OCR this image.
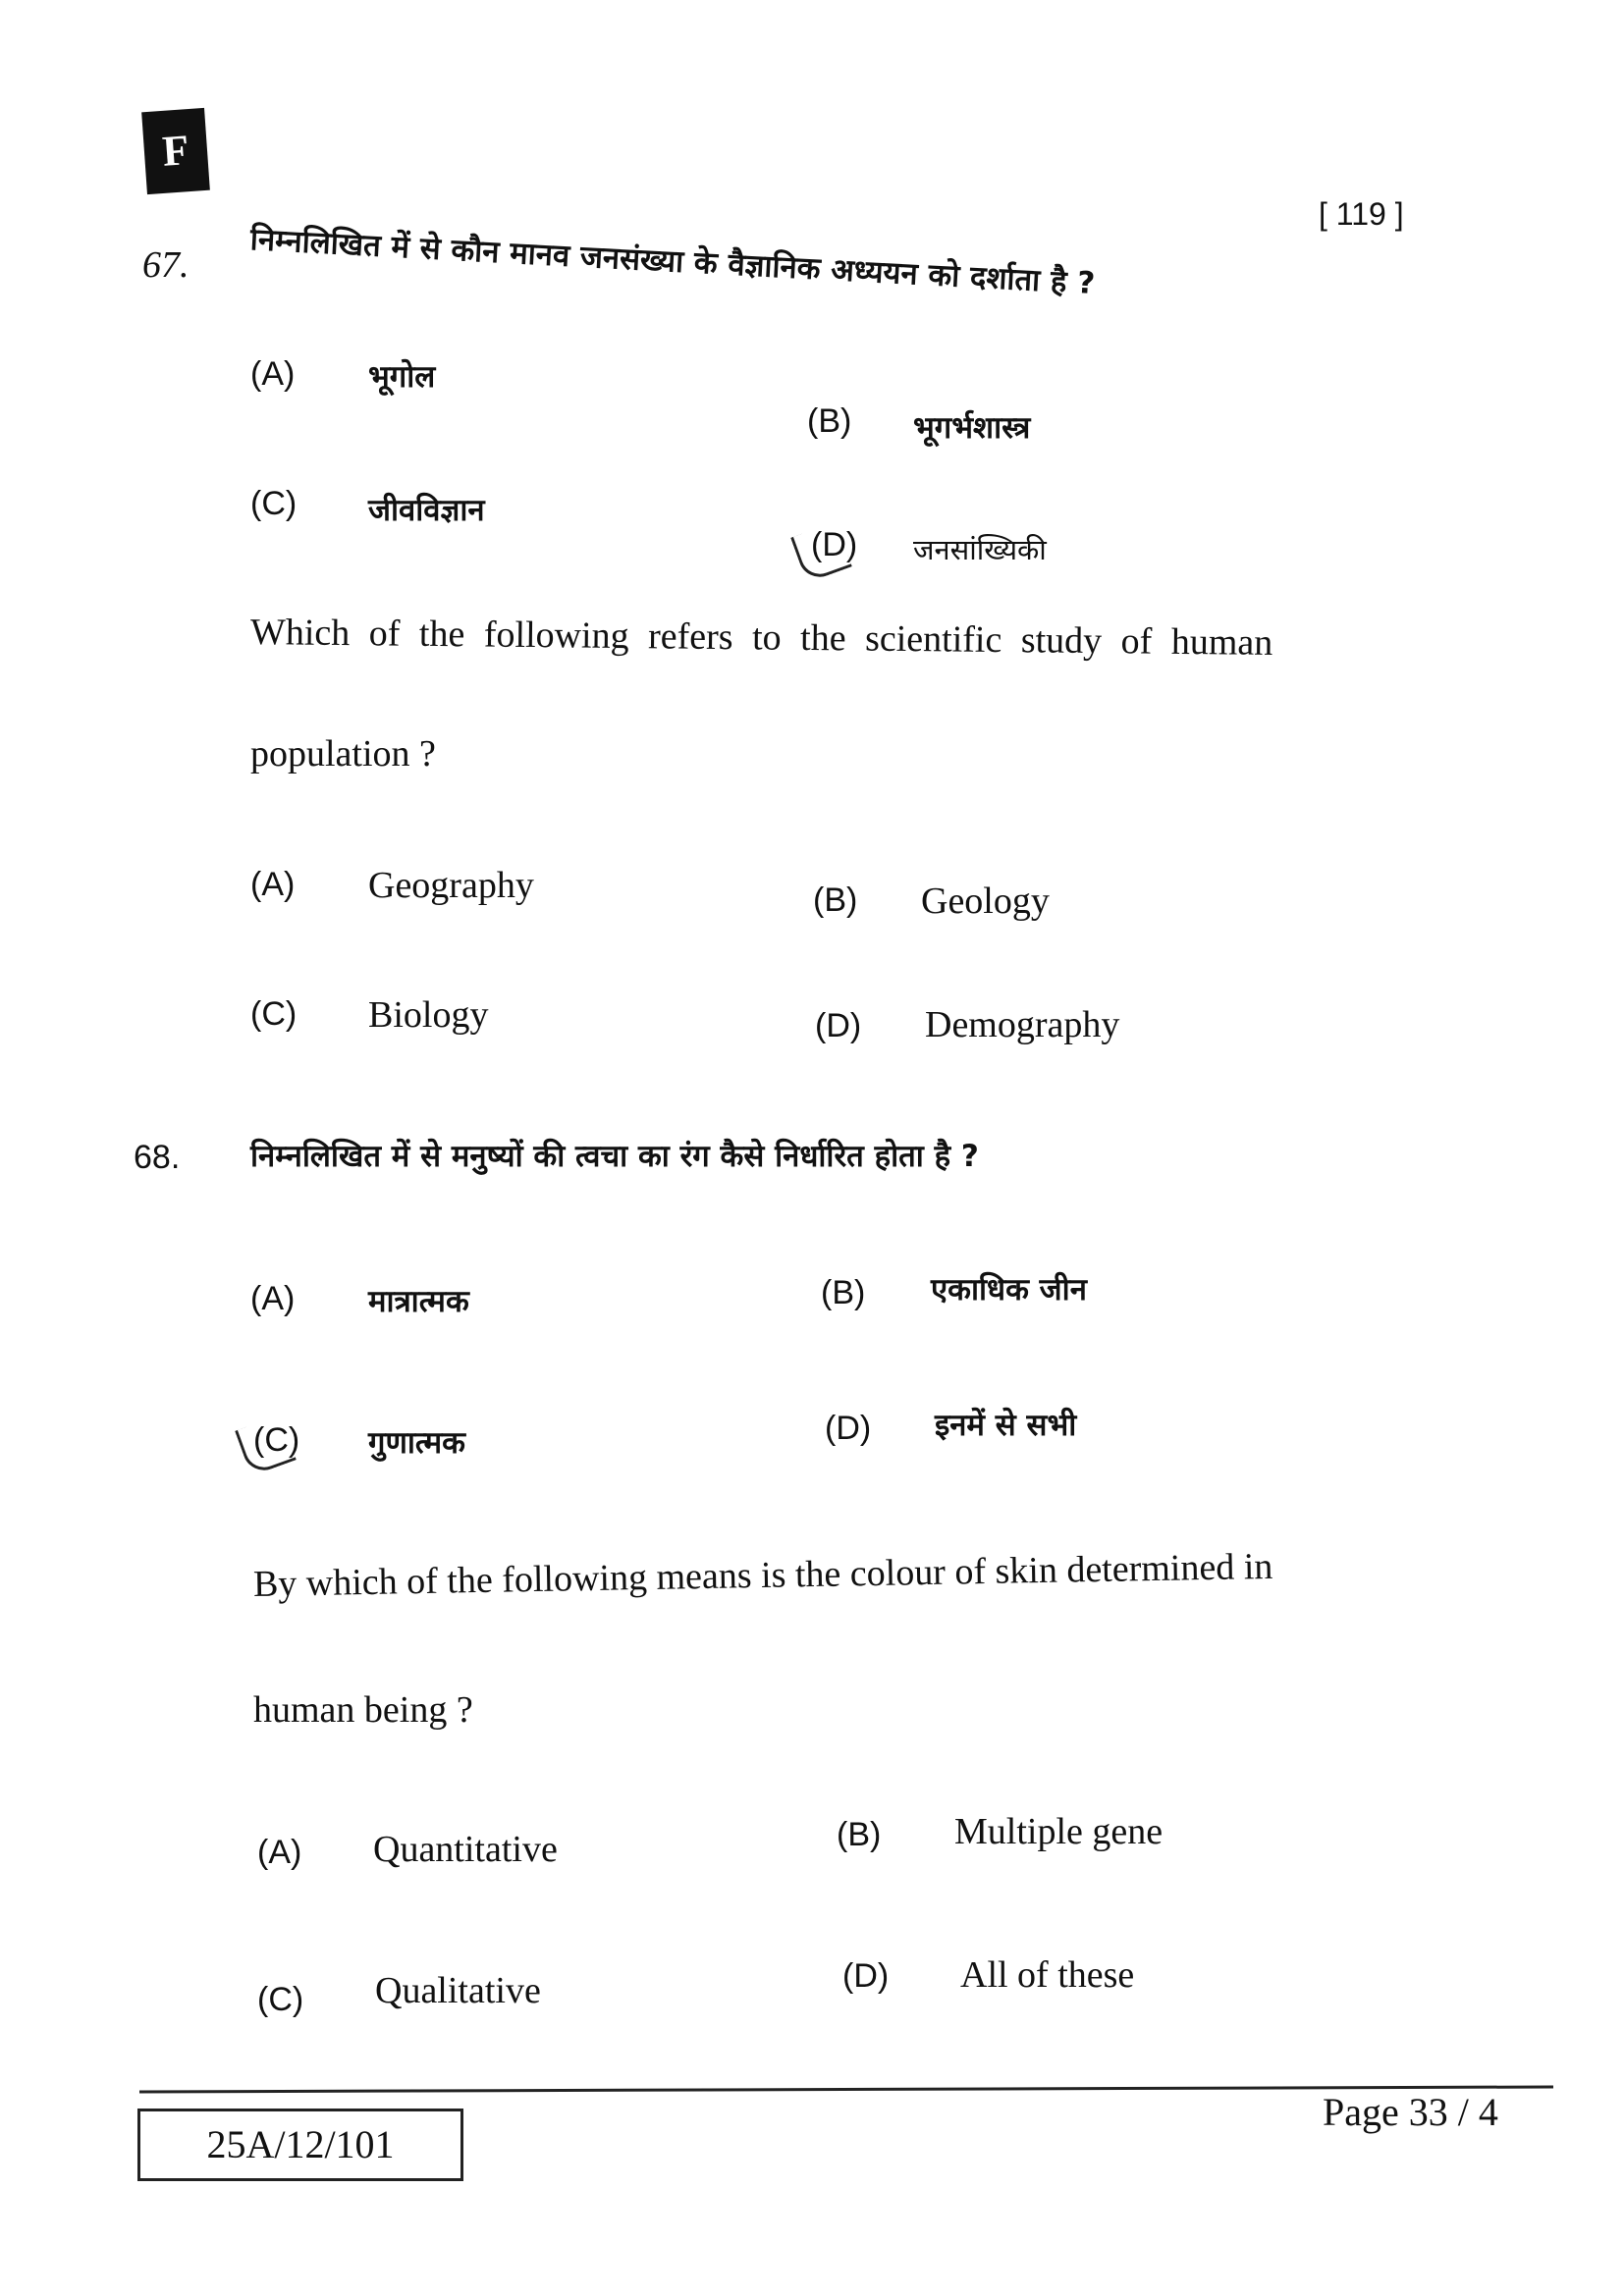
F
[ 119 ]
67. निम्नलिखित में से कौन मानव जनसंख्या के वैज्ञानिक अध्ययन को दर्शाता है ?
(A) भूगोल
(B) भूगर्भशास्त्र
(C) जीवविज्ञान
(D) जनसांख्यिकी
Which of the following refers to the scientific study of human
population ?
(A) Geography	(B) Geology
(C) Biology	(D) Demography
68. निम्नलिखित में से मनुष्यों की त्वचा का रंग कैसे निर्धारित होता है ?
(A) मात्रात्मक	(B) एकाधिक जीन
(C) गुणात्मक	(D) इनमें से सभी
By which of the following means is the colour of skin determined in
human being ?
(A) Quantitative	(B) Multiple gene
(C) Qualitative	(D) All of these
25A/12/101
Page 33 / 4
